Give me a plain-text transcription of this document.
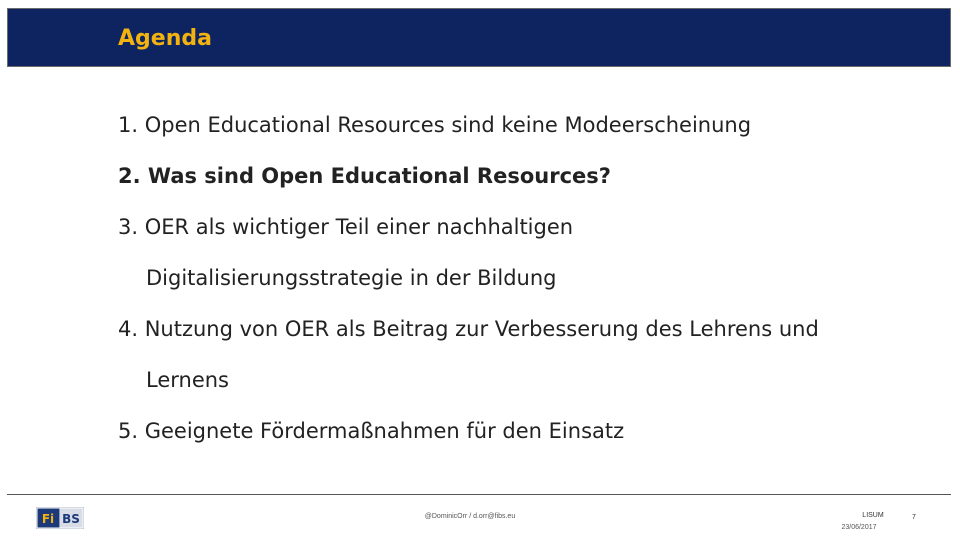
Agenda
1. Open Educational Resources sind keine Modeerscheinung
2. Was sind Open Educational Resources?
3. OER als wichtiger Teil einer nachhaltigen
Digitalisierungsstrategie in der Bildung
4. Nutzung von OER als Beitrag zur Verbesserung des Lehrens und
Lernens
5. Geeignete Fördermaßnahmen für den Einsatz
Fi BS	@DominicOrr / d.orr@fibs.eu	LISUM
23/06/2017
7
